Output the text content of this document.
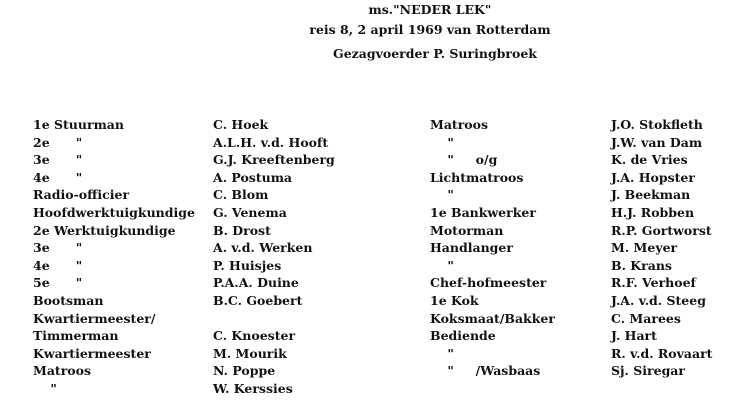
ms."NEDER LEK"
reis 8, 2 april 1969 van Rotterdam
Gezagvoerder P. Suringbroek
1e Stuurman
2e      "
3e      "
4e      "
Radio-officier
Hoofdwerktuigkundige
2e Werktuigkundige
3e      "
4e      "
5e      "
Bootsman
Kwartiermeester/
Timmerman
Kwartiermeester
Matroos
"
C. Hoek
A.L.H. v.d. Hooft
G.J. Kreeftenberg
A. Postuma
C. Blom
G. Venema
B. Drost
A. v.d. Werken
P. Huisjes
P.A.A. Duine
B.C. Goebert
C. Knoester
M. Mourik
N. Poppe
W. Kerssies
Matroos
"
"     o/g
Lichtmatroos
"
1e Bankwerker
Motorman
Handlanger
"
Chef-hofmeester
1e Kok
Koksmaat/Bakker
Bediende
"
"     /Wasbaas
J.O. Stokfleth
J.W. van Dam
K. de Vries
J.A. Hopster
J. Beekman
H.J. Robben
R.P. Gortworst
M. Meyer
B. Krans
R.F. Verhoef
J.A. v.d. Steeg
C. Marees
J. Hart
R. v.d. Rovaart
Sj. Siregar
